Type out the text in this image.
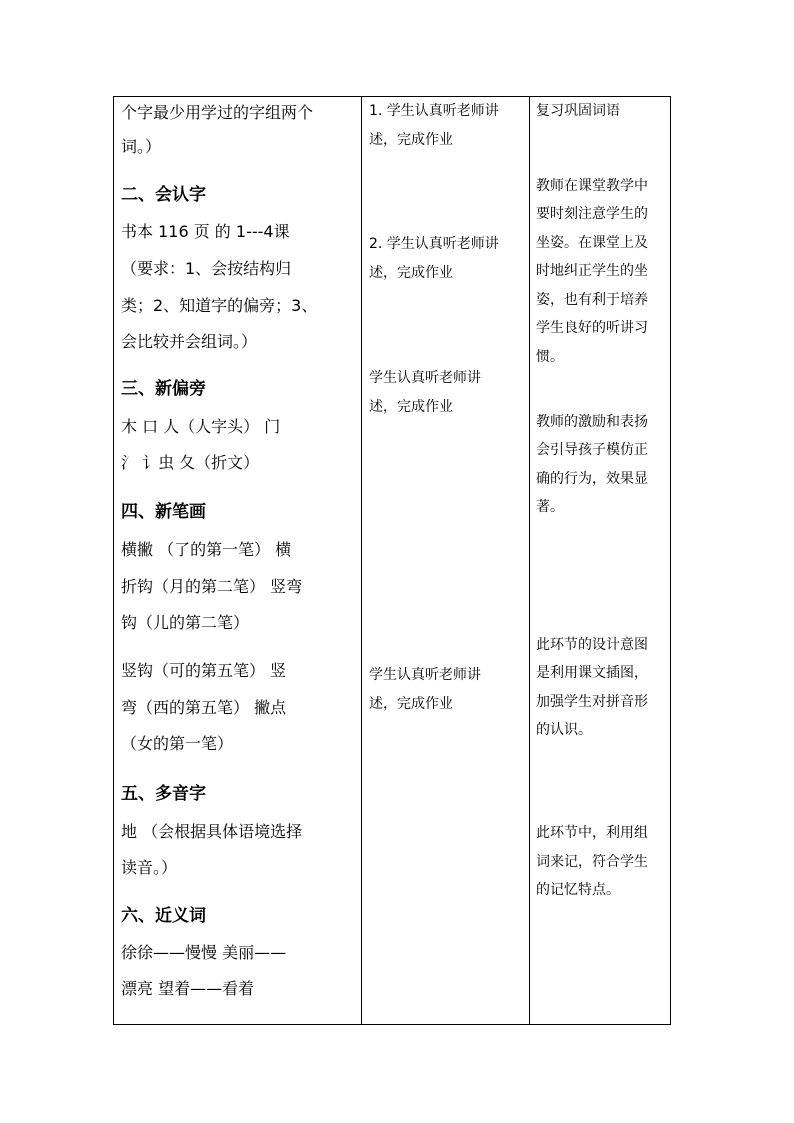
个字最少用学过的字组两个
词。）
二、会认字
书本 116 页 的 1---4课
（要求：1、会按结构归
类；2、知道字的偏旁；3、
会比较并会组词。）
三、新偏旁
木 口 人（人字头） 门
氵 讠虫 夂（折文）
四、新笔画
横撇 （了的第一笔） 横
折钩（月的第二笔） 竖弯
钩（儿的第二笔）
竖钩（可的第五笔） 竖
弯（西的第五笔） 撇点
（女的第一笔）
五、多音字
地 （会根据具体语境选择
读音。）
六、近义词
徐徐——慢慢 美丽——
漂亮 望着——看着
1. 学生认真听老师讲
述，完成作业
2. 学生认真听老师讲
述，完成作业
学生认真听老师讲
述，完成作业
学生认真听老师讲
述，完成作业
复习巩固词语
教师在课堂教学中
要时刻注意学生的
坐姿。在课堂上及
时地纠正学生的坐
姿，也有利于培养
学生良好的听讲习
惯。
教师的激励和表扬
会引导孩子模仿正
确的行为，效果显
著。
此环节的设计意图
是利用课文插图，
加强学生对拼音形
的认识。
此环节中，利用组
词来记，符合学生
的记忆特点。
